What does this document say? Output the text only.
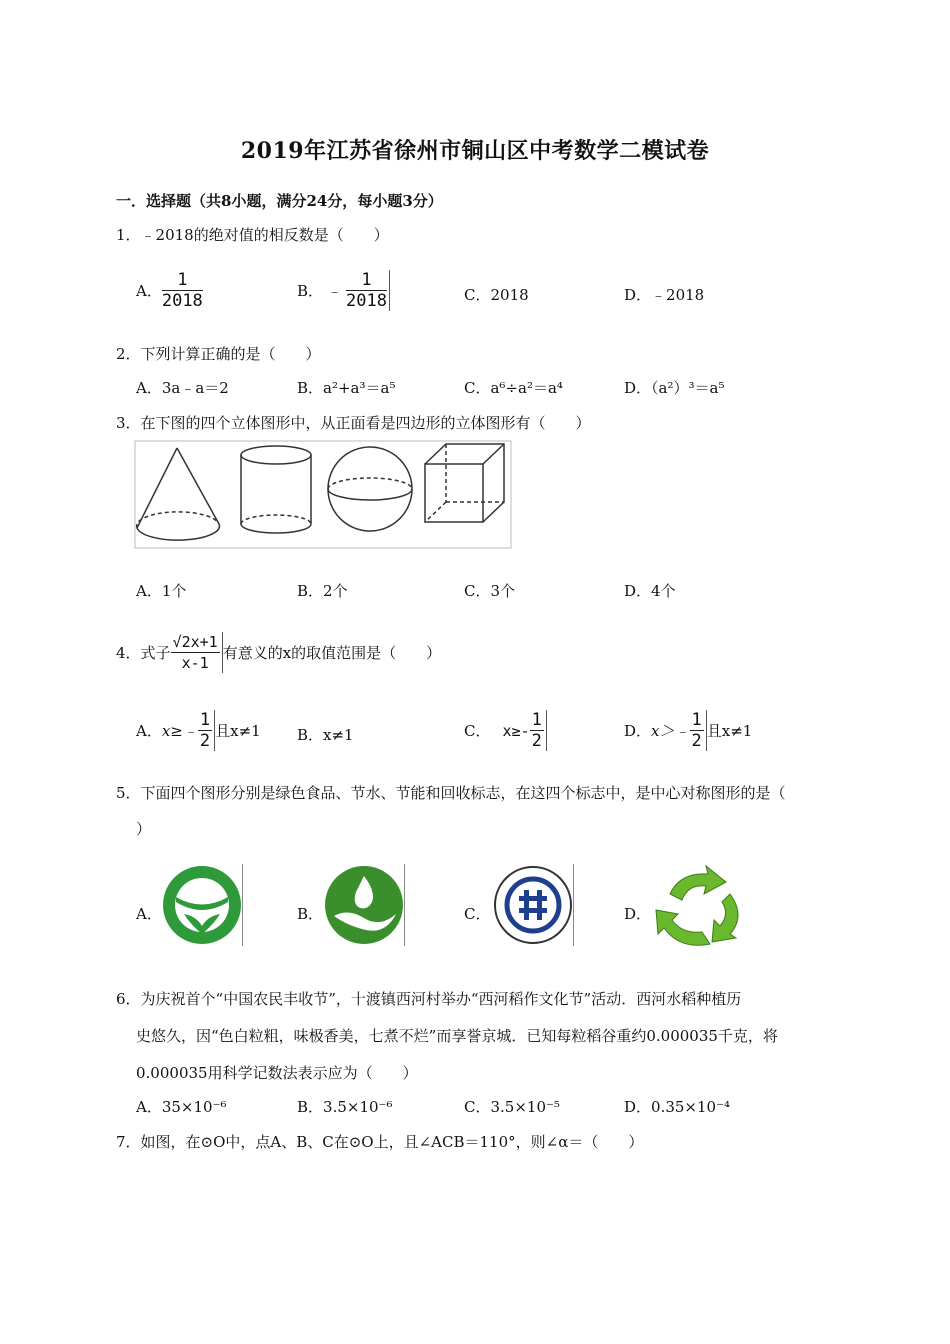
2019年江苏省徐州市铜山区中考数学二模试卷
一．选择题（共8小题，满分24分，每小题3分）
1．﹣2018的绝对值的相反数是（　　）
A． $\frac{1}{2018}$	B． ﹣ $\frac{1}{2018}$	C．2018	D．﹣2018
2．下列计算正确的是（　　）
A．3a﹣a＝2	B．a²+a³＝a⁵	C．a⁶÷a²＝a⁴	D．（a²）³＝a⁵
3．在下图的四个立体图形中，从正面看是四边形的立体图形有（　　）
A．1个	B．2个	C．3个	D．4个
4．式子 $\frac{√2x+1}{x-1}$ 有意义的x的取值范围是（　　）
A．x≥﹣ $\frac{1}{2}$ 且x≠1 B．x≠1	C． $x\ge- \frac{1}{2}$	D．x＞﹣ $\frac{1}{2}$ 且x≠1
5．下面四个图形分别是绿色食品、节水、节能和回收标志，在这四个标志中，是中心对称图形的是（
）
A．	B．	C．	D．
6．为庆祝首个“中国农民丰收节”，十渡镇西河村举办“西河稻作文化节”活动．西河水稻种植历
史悠久，因“色白粒粗，味极香美，七煮不烂”而享誉京城．已知每粒稻谷重约0.000035千克，将
0.000035用科学记数法表示应为（　　）
A．35×10⁻⁶	B．3.5×10⁻⁶	C．3.5×10⁻⁵	D．0.35×10⁻⁴
7．如图，在⊙O中，点A、B、C在⊙O上，且∠ACB＝110°，则∠α＝（　　）
